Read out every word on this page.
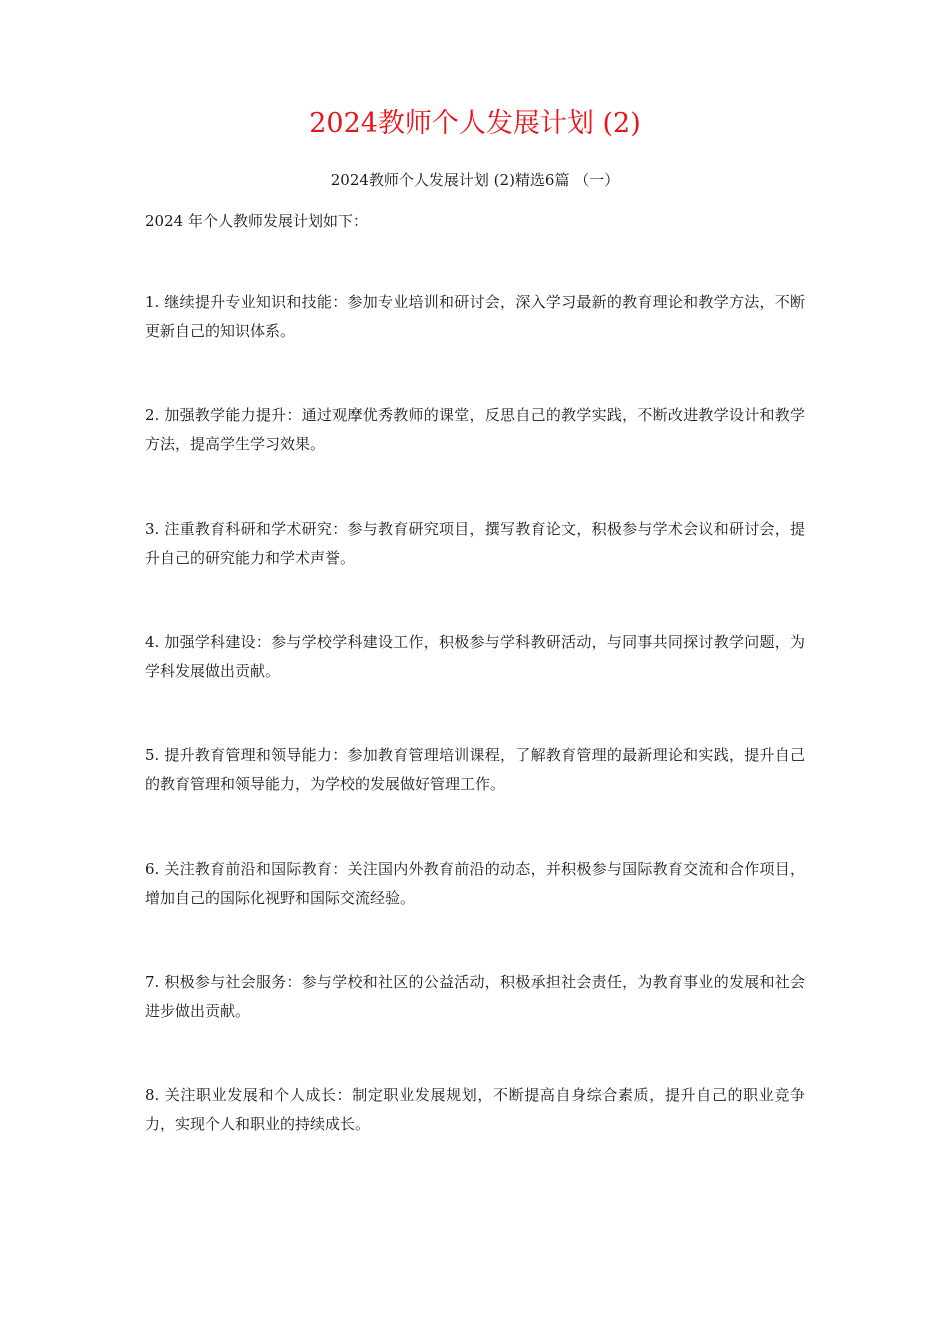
2024教师个人发展计划 (2)

2024教师个人发展计划 (2)精选6篇 （一）

2024 年个人教师发展计划如下：

1. 继续提升专业知识和技能：参加专业培训和研讨会，深入学习最新的教育理论和教学方法，不断更新自己的知识体系。

2. 加强教学能力提升：通过观摩优秀教师的课堂，反思自己的教学实践，不断改进教学设计和教学方法，提高学生学习效果。

3. 注重教育科研和学术研究：参与教育研究项目，撰写教育论文，积极参与学术会议和研讨会，提升自己的研究能力和学术声誉。

4. 加强学科建设：参与学校学科建设工作，积极参与学科教研活动，与同事共同探讨教学问题，为学科发展做出贡献。

5. 提升教育管理和领导能力：参加教育管理培训课程，了解教育管理的最新理论和实践，提升自己的教育管理和领导能力，为学校的发展做好管理工作。

6. 关注教育前沿和国际教育：关注国内外教育前沿的动态，并积极参与国际教育交流和合作项目，增加自己的国际化视野和国际交流经验。

7. 积极参与社会服务：参与学校和社区的公益活动，积极承担社会责任，为教育事业的发展和社会进步做出贡献。

8. 关注职业发展和个人成长：制定职业发展规划，不断提高自身综合素质，提升自己的职业竞争力，实现个人和职业的持续成长。
